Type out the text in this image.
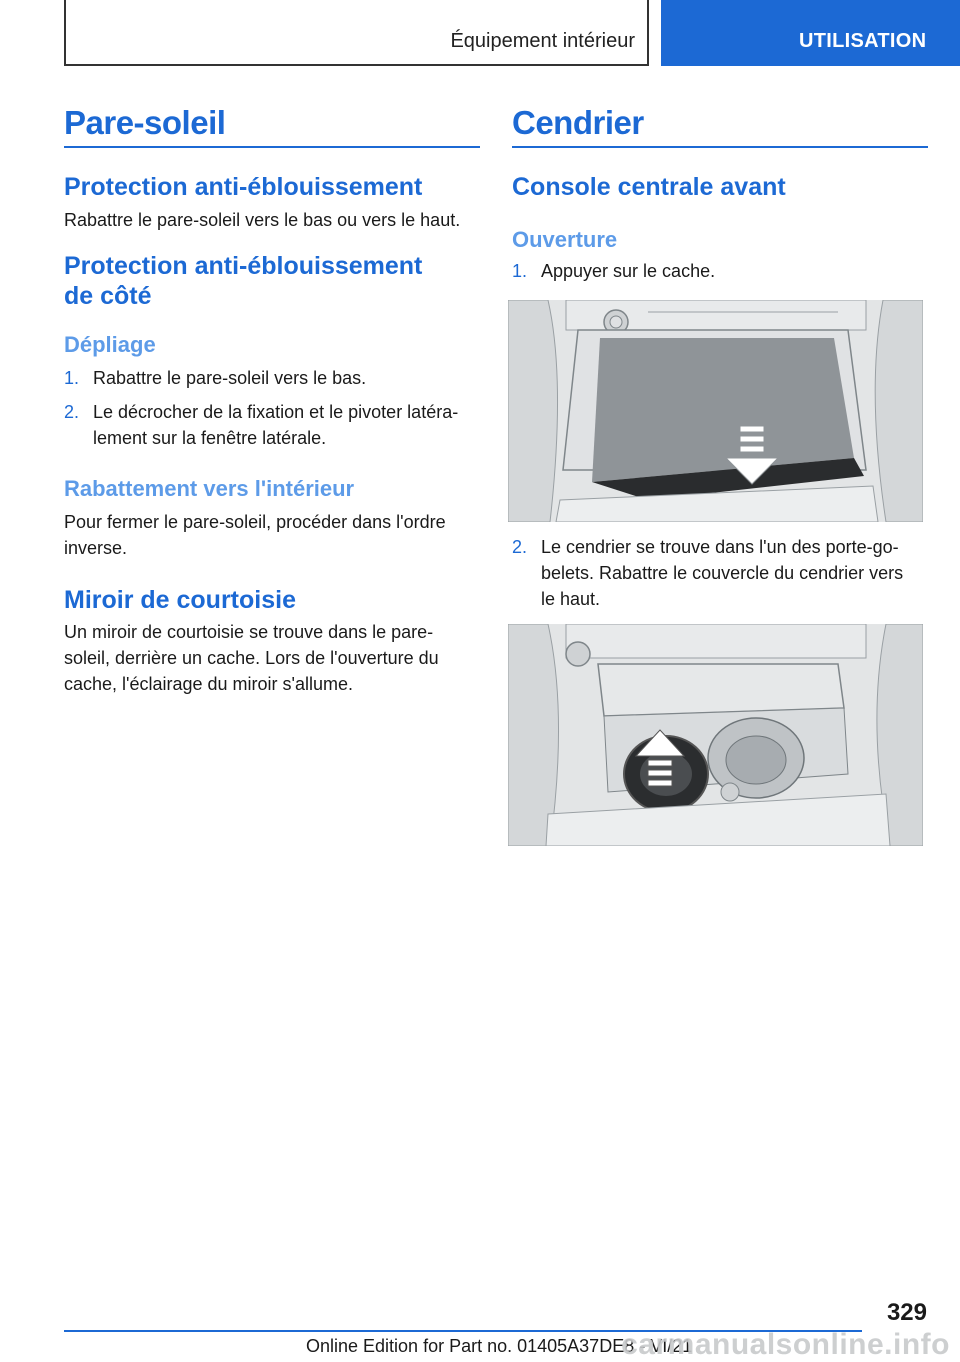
Équipement intérieur	UTILISATION
Pare-soleil
Protection anti-éblouissement

Rabattre le pare-soleil vers le bas ou vers le haut.

Protection anti-éblouissement
de côté
Dépliage
1. Rabattre le pare-soleil vers le bas.
2. Le décrocher de la fixation et le pivoter latéra-
lement sur la fenêtre latérale.
Rabattement vers l'intérieur

Pour fermer le pare-soleil, procéder dans l'ordre
inverse.

Miroir de courtoisie

Un miroir de courtoisie se trouve dans le pare-
soleil, derrière un cache. Lors de l'ouverture du
cache, l'éclairage du miroir s'allume.

Cendrier
Console centrale avant
Ouverture
1. Appuyer sur le cache.
2. Le cendrier se trouve dans l'un des porte-go-
belets. Rabattre le couvercle du cendrier vers
le haut.
329
Online Edition for Part no. 01405A37DE8 - VI/21
carmanualsonline.info
